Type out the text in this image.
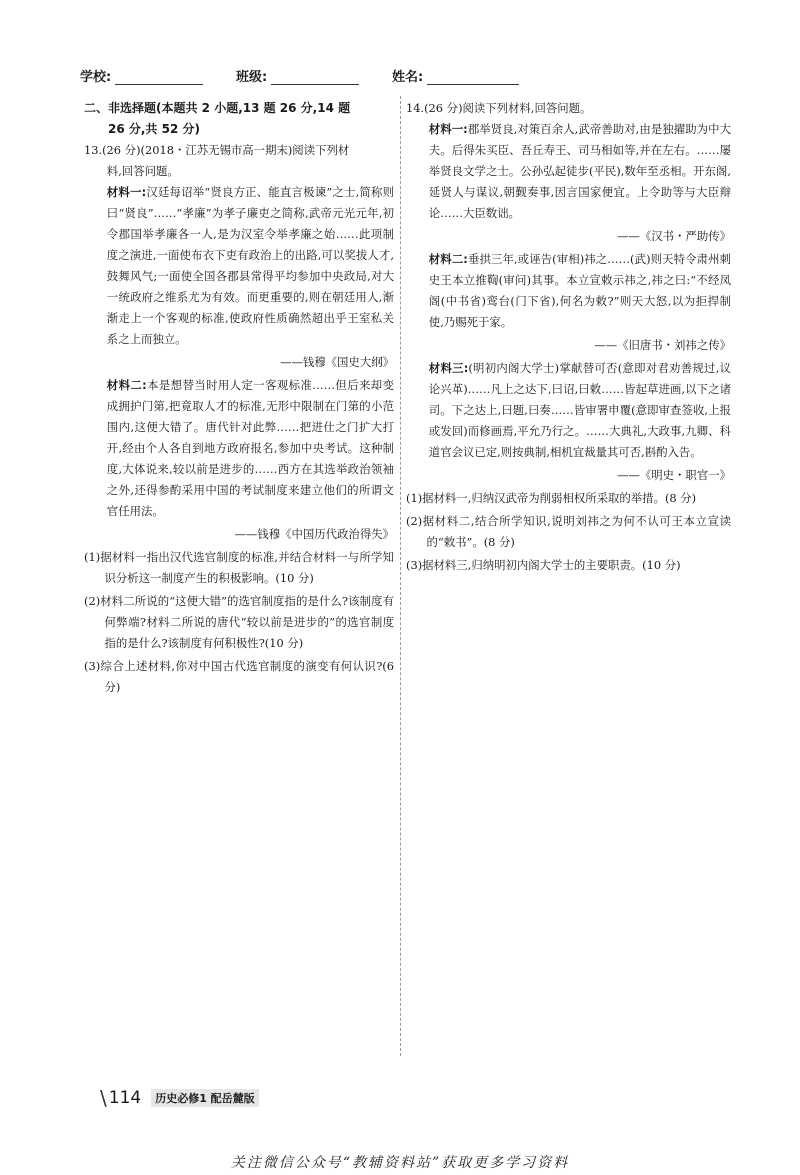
学校:	班级:	姓名:

二、非选择题(本题共 2 小题,13 题 26 分,14 题

26 分,共 52 分)

13.(26 分)(2018・江苏无锡市高一期末)阅读下列材

料,回答问题。

材料一:汉廷每诏举“贤良方正、能直言极谏”之士,简称则曰“贤良”……“孝廉”为孝子廉吏之简称,武帝元光元年,初令郡国举孝廉各一人,是为汉室令举孝廉之始……此项制度之演进,一面使布衣下吏有政治上的出路,可以奖拔人才,鼓舞风气;一面使全国各郡县常得平均参加中央政局,对大一统政府之维系尤为有效。而更重要的,则在朝廷用人,渐渐走上一个客观的标准,使政府性质确然超出乎王室私关系之上而独立。

——钱穆《国史大纲》

材料二:本是想替当时用人定一客观标准……但后来却变成拥护门第,把竟取人才的标准,无形中限制在门第的小范围内,这便大错了。唐代针对此弊……把进仕之门扩大打开,经由个人各自到地方政府报名,参加中央考试。这种制度,大体说来,较以前是进步的……西方在其选举政治领袖之外,还得参酌采用中国的考试制度来建立他们的所谓文官任用法。

——钱穆《中国历代政治得失》

(1)据材料一指出汉代选官制度的标准,并结合材料一与所学知识分析这一制度产生的积极影响。(10 分)

(2)材料二所说的“这便大错”的选官制度指的是什么?该制度有何弊端?材料二所说的唐代“较以前是进步的”的选官制度指的是什么?该制度有何积极性?(10 分)

(3)综合上述材料,你对中国古代选官制度的演变有何认识?(6 分)

14.(26 分)阅读下列材料,回答问题。

材料一:郡举贤良,对策百余人,武帝善助对,由是独擢助为中大夫。后得朱买臣、吾丘寿王、司马相如等,并在左右。……屡举贤良文学之士。公孙弘起徒步(平民),数年至丞相。开东阁,延贤人与谋议,朝觐奏事,因言国家便宜。上令助等与大臣辩论……大臣数诎。

——《汉书・严助传》

材料二:垂拱三年,或诬告(审相)祎之……(武)则天特令肃州刺史王本立推鞫(审问)其事。本立宣敕示祎之,祎之曰:“不经凤阁(中书省)鸾台(门下省),何名为敕?”则天大怒,以为拒捍制使,乃赐死于家。

——《旧唐书・刘祎之传》

材料三:(明初内阁大学士)掌献替可否(意即对君劝善规过,议论兴革)……凡上之达下,曰诏,曰敕……皆起草进画,以下之诸司。下之达上,曰题,曰奏……皆审署申覆(意即审查签收,上报或发回)而修画焉,平允乃行之。……大典礼,大政事,九卿、科道官会议已定,则按典制,相机宜裁量其可否,斟酌入告。

——《明史・职官一》

(1)据材料一,归纳汉武帝为削弱相权所采取的举措。(8 分)

(2)据材料二,结合所学知识,说明刘祎之为何不认可王本立宣读的“敕书”。(8 分)

(3)据材料三,归纳明初内阁大学士的主要职责。(10 分)

\ 114	历史必修1 配岳麓版
关注微信公众号“教辅资料站”获取更多学习资料
